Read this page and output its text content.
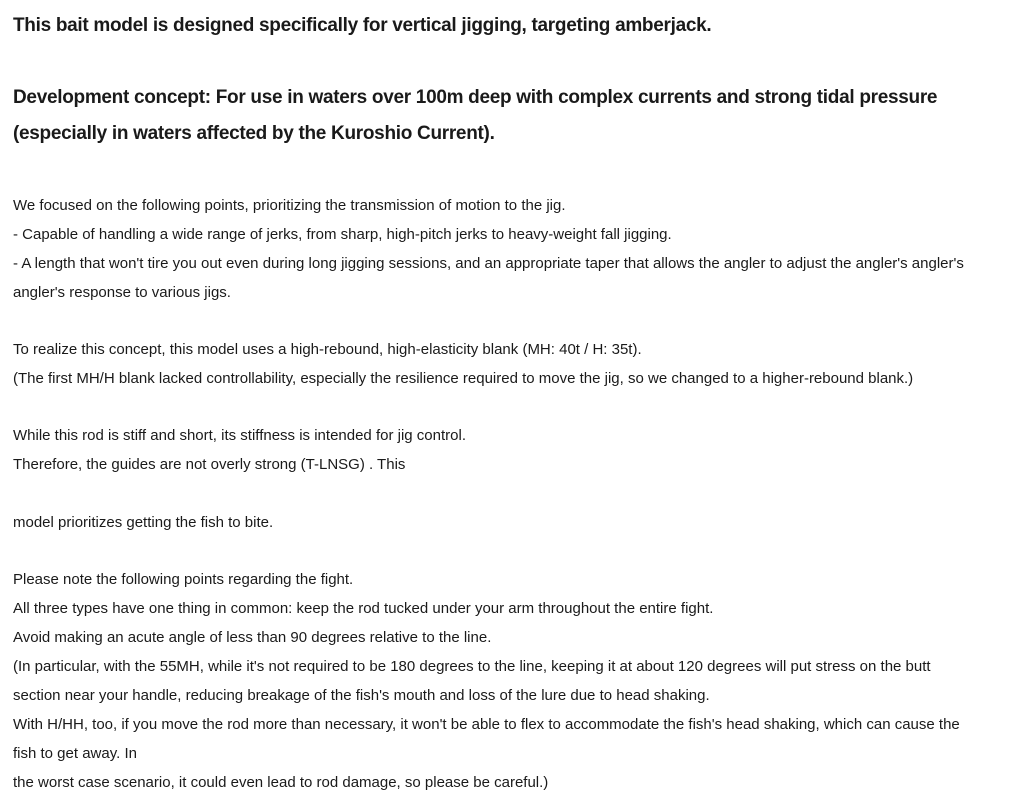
This bait model is designed specifically for vertical jigging, targeting amberjack.
Development concept: For use in waters over 100m deep with complex currents and strong tidal pressure
(especially in waters affected by the Kuroshio Current).
We focused on the following points, prioritizing the transmission of motion to the jig.
- Capable of handling a wide range of jerks, from sharp, high-pitch jerks to heavy-weight fall jigging.
- A length that won't tire you out even during long jigging sessions, and an appropriate taper that allows the angler to adjust the angler's angler's
angler's response to various jigs.
To realize this concept, this model uses a high-rebound, high-elasticity blank (MH: 40t / H: 35t).
(The first MH/H blank lacked controllability, especially the resilience required to move the jig, so we changed to a higher-rebound blank.)
While this rod is stiff and short, its stiffness is intended for jig control.
Therefore, the guides are not overly strong (T-LNSG) . This
model prioritizes getting the fish to bite.
Please note the following points regarding the fight.
All three types have one thing in common: keep the rod tucked under your arm throughout the entire fight.
Avoid making an acute angle of less than 90 degrees relative to the line.
(In particular, with the 55MH, while it's not required to be 180 degrees to the line, keeping it at about 120 degrees will put stress on the butt
section near your handle, reducing breakage of the fish's mouth and loss of the lure due to head shaking.
With H/HH, too, if you move the rod more than necessary, it won't be able to flex to accommodate the fish's head shaking, which can cause the
fish to get away. In
the worst case scenario, it could even lead to rod damage, so please be careful.)
